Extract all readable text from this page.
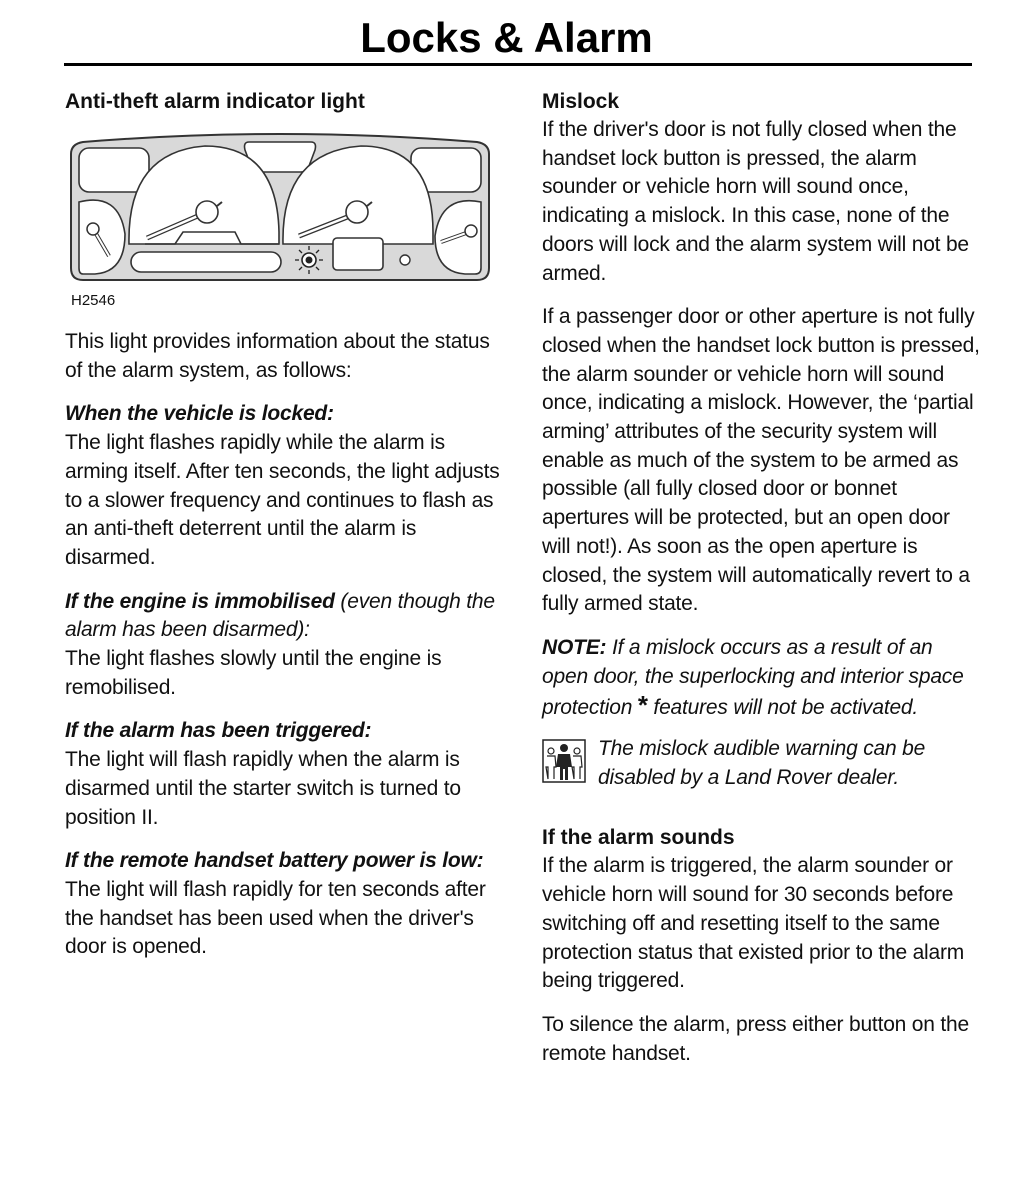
Locks & Alarm
Anti-theft alarm indicator light
H2546

This light provides information about the status of the alarm system, as follows:

When the vehicle is locked:

The light flashes rapidly while the alarm is arming itself. After ten seconds, the light adjusts to a slower frequency and continues to flash as an anti-theft deterrent until the alarm is disarmed.

If the engine is immobilised (even though the alarm has been disarmed):

The light flashes slowly until the engine is remobilised.

If the alarm has been triggered:

The light will flash rapidly when the alarm is disarmed until the starter switch is turned to position II.

If the remote handset battery power is low:

The light will flash rapidly for ten seconds after the handset has been used when the driver's door is opened.

Mislock

If the driver's door is not fully closed when the handset lock button is pressed, the alarm sounder or vehicle horn will sound once, indicating a mislock. In this case, none of the doors will lock and the alarm system will not be armed.

If a passenger door or other aperture is not fully closed when the handset lock button is pressed, the alarm sounder or vehicle horn will sound once, indicating a mislock. However, the ‘partial arming’ attributes of the security system will enable as much of the system to be armed as possible (all fully closed door or bonnet apertures will be protected, but an open door will not!). As soon as the open aperture is closed, the system will automatically revert to a fully armed state.

NOTE: If a mislock occurs as a result of an open door, the superlocking and interior space protection * features will not be activated.

The mislock audible warning can be disabled by a Land Rover dealer.

If the alarm sounds

If the alarm is triggered, the alarm sounder or vehicle horn will sound for 30 seconds before switching off and resetting itself to the same protection status that existed prior to the alarm being triggered.

To silence the alarm, press either button on the remote handset.
